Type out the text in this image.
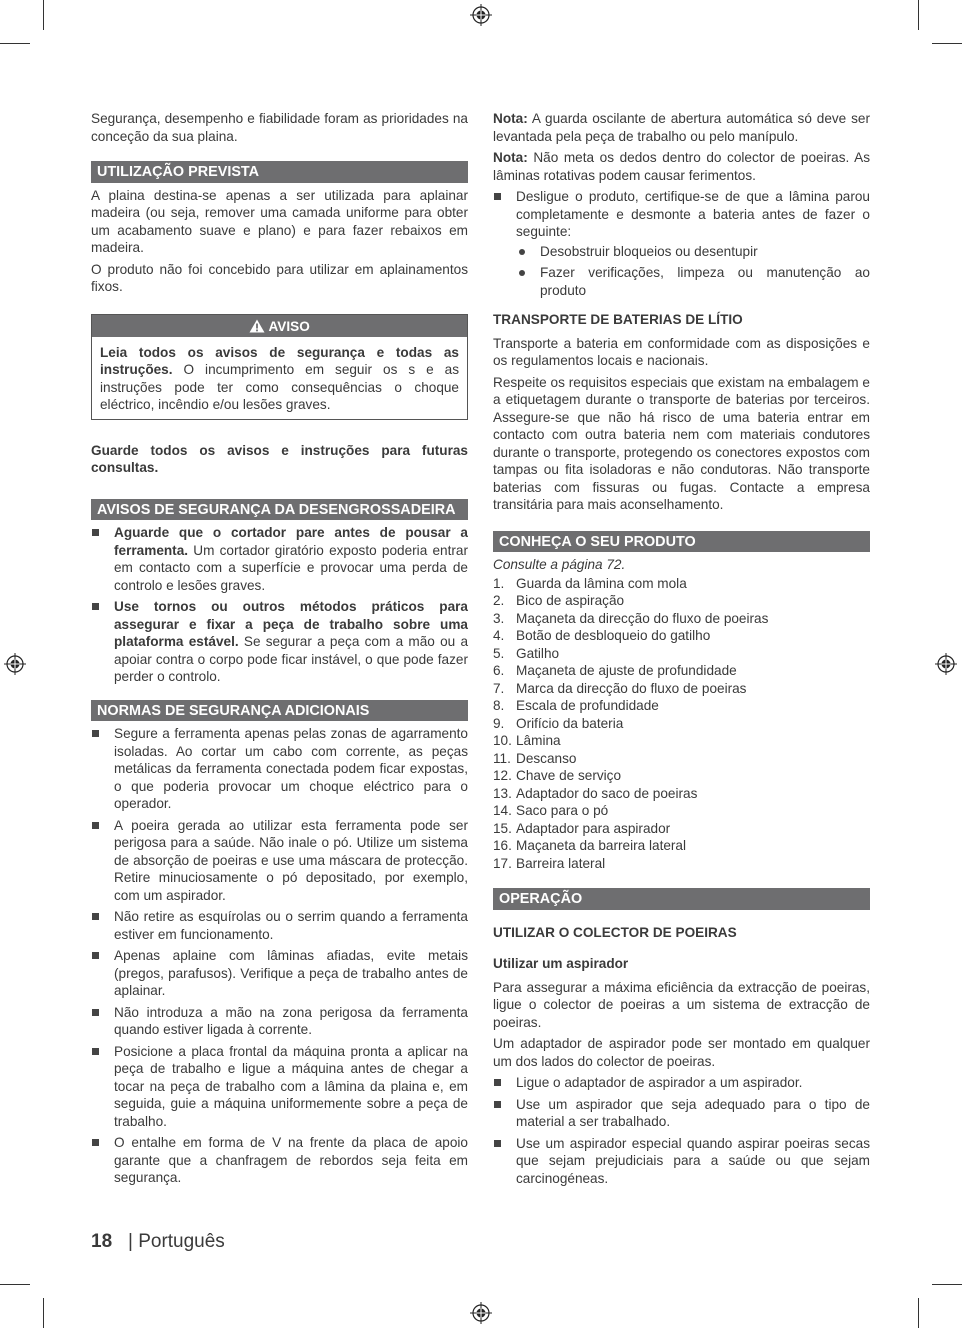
Segurança, desempenho e fiabilidade foram as prioridades na conceção da sua plaina.

UTILIZAÇÃO PREVISTA

A plaina destina-se apenas a ser utilizada para aplainar madeira (ou seja, remover uma camada uniforme para obter um acabamento suave e plano) e para fazer rebaixos em madeira.

O produto não foi concebido para utilizar em aplainamentos fixos.

AVISO
Leia todos os avisos de segurança e todas as instruções. O incumprimento em seguir os s e as instruções pode ter como consequências o choque eléctrico, incêndio e/ou lesões graves.

Guarde todos os avisos e instruções para futuras consultas.

AVISOS DE SEGURANÇA DA DESENGROSSADEIRA
Aguarde que o cortador pare antes de pousar a ferramenta. Um cortador giratório exposto poderia entrar em contacto com a superfície e provocar uma perda de controlo e lesões graves.
Use tornos ou outros métodos práticos para assegurar e fixar a peça de trabalho sobre uma plataforma estável. Se segurar a peça com a mão ou a apoiar contra o corpo pode ficar instável, o que pode fazer perder o controlo.
NORMAS DE SEGURANÇA ADICIONAIS
Segure a ferramenta apenas pelas zonas de agarramento isoladas. Ao cortar um cabo com corrente, as peças metálicas da ferramenta conectada podem ficar expostas, o que poderia provocar um choque eléctrico para o operador.
A poeira gerada ao utilizar esta ferramenta pode ser perigosa para a saúde. Não inale o pó. Utilize um sistema de absorção de poeiras e use uma máscara de protecção. Retire minuciosamente o pó depositado, por exemplo, com um aspirador.
Não retire as esquírolas ou o serrim quando a ferramenta estiver em funcionamento.
Apenas aplaine com lâminas afiadas, evite metais (pregos, parafusos). Verifique a peça de trabalho antes de aplainar.
Não introduza a mão na zona perigosa da ferramenta quando estiver ligada à corrente.
Posicione a placa frontal da máquina pronta a aplicar na peça de trabalho e ligue a máquina antes de chegar a tocar na peça de trabalho com a lâmina da plaina e, em seguida, guie a máquina uniformemente sobre a peça de trabalho.
O entalhe em forma de V na frente da placa de apoio garante que a chanfragem de rebordos seja feita em segurança.

Nota: A guarda oscilante de abertura automática só deve ser levantada pela peça de trabalho ou pelo manípulo.

Nota: Não meta os dedos dentro do colector de poeiras. As lâminas rotativas podem causar ferimentos.

Desligue o produto, certifique-se de que a lâmina parou completamente e desmonte a bateria antes de fazer o seguinte:
Desobstruir bloqueios ou desentupir
Fazer verificações, limpeza ou manutenção ao produto
TRANSPORTE DE BATERIAS DE LÍTIO

Transporte a bateria em conformidade com as disposições e os regulamentos locais e nacionais.

Respeite os requisitos especiais que existam na embalagem e a etiquetagem durante o transporte de baterias por terceiros. Assegure-se que não há risco de uma bateria entrar em contacto com outra bateria nem com materiais condutores durante o transporte, protegendo os conectores expostos com tampas ou fita isoladoras e não condutoras. Não transporte baterias com fissuras ou fugas. Contacte a empresa transitária para mais aconselhamento.

CONHEÇA O SEU PRODUTO

Consulte a página 72.

1. Guarda da lâmina com mola
2. Bico de aspiração
3. Maçaneta da direcção do fluxo de poeiras
4. Botão de desbloqueio do gatilho
5. Gatilho
6. Maçaneta de ajuste de profundidade
7. Marca da direcção do fluxo de poeiras
8. Escala de profundidade
9. Orifício da bateria
10. Lâmina
11. Descanso
12. Chave de serviço
13. Adaptador do saco de poeiras
14. Saco para o pó
15. Adaptador para aspirador
16. Maçaneta da barreira lateral
17. Barreira lateral
OPERAÇÃO
UTILIZAR O COLECTOR DE POEIRAS
Utilizar um aspirador

Para assegurar a máxima eficiência da extracção de poeiras, ligue o colector de poeiras a um sistema de extracção de poeiras.

Um adaptador de aspirador pode ser montado em qualquer um dos lados do colector de poeiras.

Ligue o adaptador de aspirador a um aspirador.
Use um aspirador que seja adequado para o tipo de material a ser trabalhado.
Use um aspirador especial quando aspirar poeiras secas que sejam prejudiciais para a saúde ou que sejam carcinogéneas.
18 | Português
